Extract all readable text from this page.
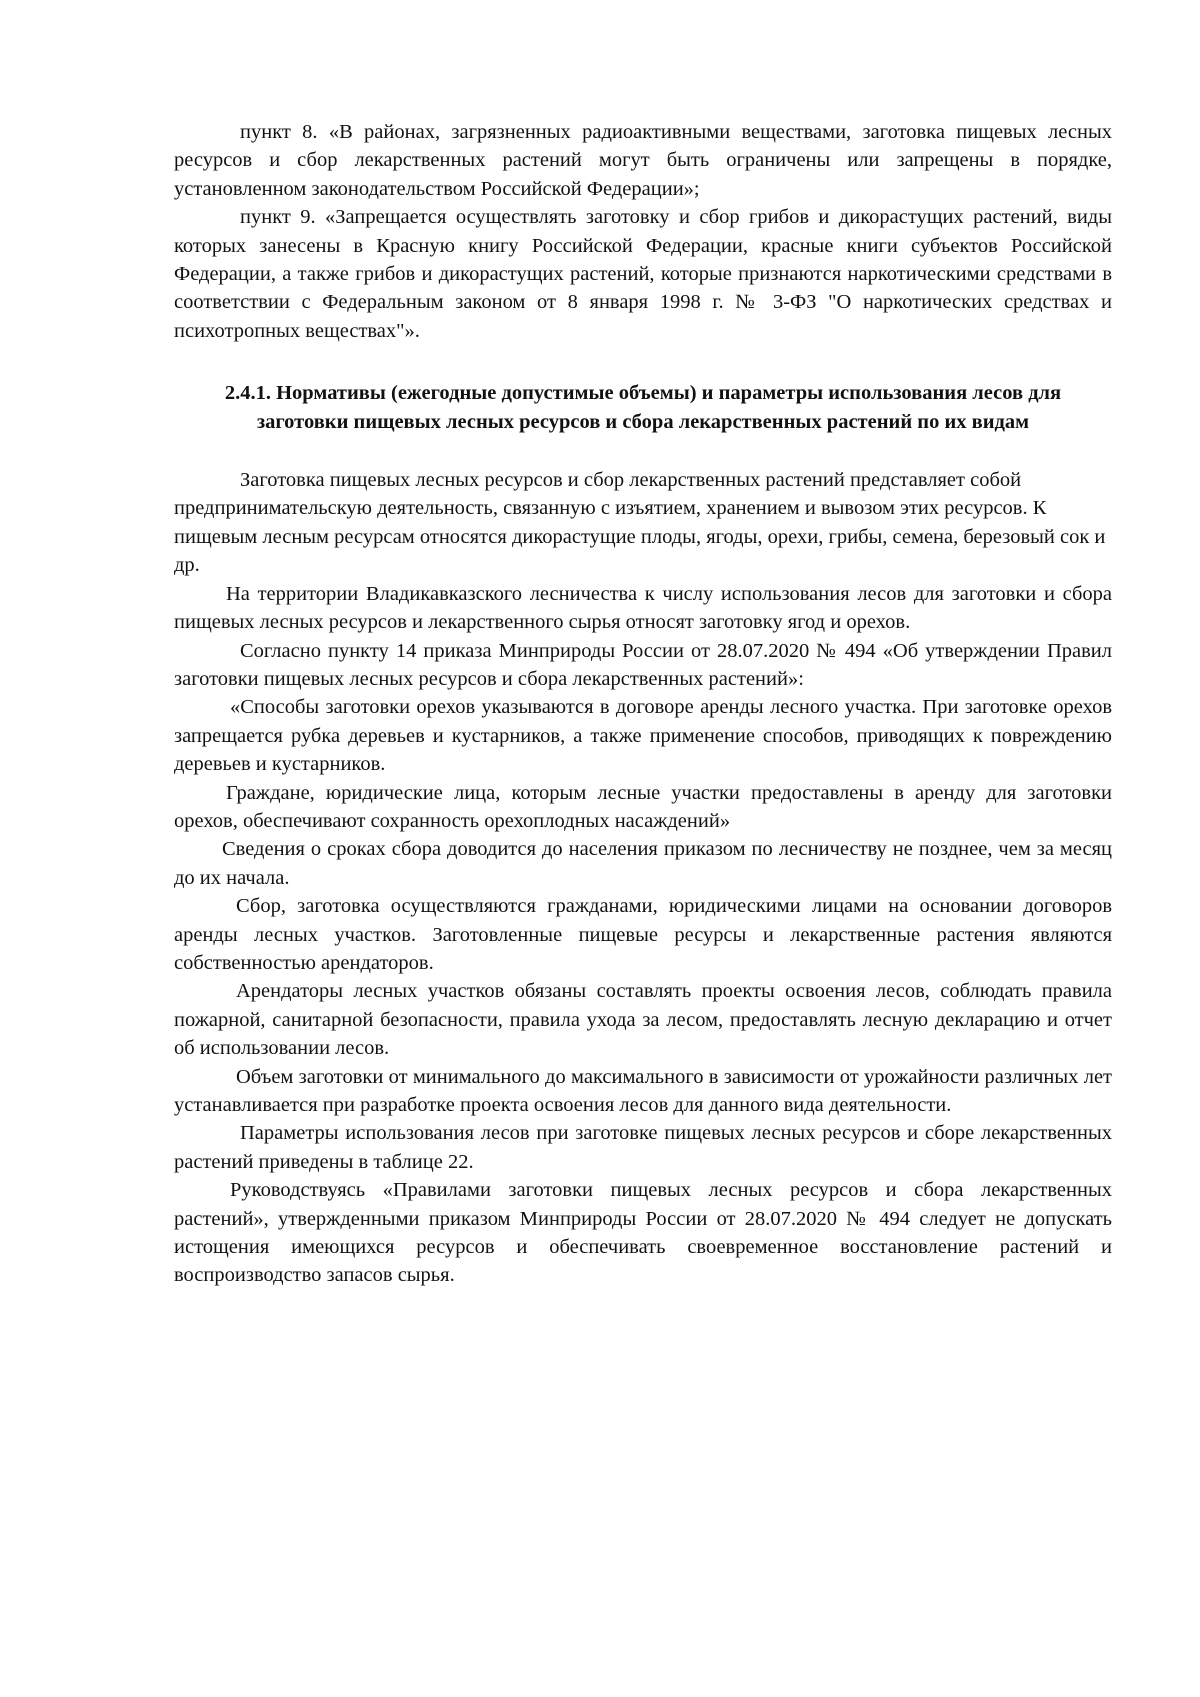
пункт 8. «В районах, загрязненных радиоактивными веществами, заготовка пищевых лесных ресурсов и сбор лекарственных растений могут быть ограничены или запрещены в порядке, установленном законодательством Российской Федерации»;

пункт 9. «Запрещается осуществлять заготовку и сбор грибов и дикорастущих растений, виды которых занесены в Красную книгу Российской Федерации, красные книги субъектов Российской Федерации, а также грибов и дикорастущих растений, которые признаются наркотическими средствами в соответствии с Федеральным законом от 8 января 1998 г. № 3-ФЗ "О наркотических средствах и психотропных веществах"».

2.4.1. Нормативы (ежегодные допустимые объемы) и параметры использования лесов для заготовки пищевых лесных ресурсов и сбора лекарственных растений по их видам

Заготовка пищевых лесных ресурсов и сбор лекарственных растений представляет собой предпринимательскую деятельность, связанную с изъятием, хранением и вывозом этих ресурсов. К пищевым лесным ресурсам относятся дикорастущие плоды, ягоды, орехи, грибы, семена, березовый сок и др.

На территории Владикавказского лесничества к числу использования лесов для заготовки и сбора пищевых лесных ресурсов и лекарственного сырья относят заготовку ягод и орехов.

Согласно пункту 14 приказа Минприроды России от 28.07.2020 № 494 «Об утверждении Правил заготовки пищевых лесных ресурсов и сбора лекарственных растений»:

«Способы заготовки орехов указываются в договоре аренды лесного участка. При заготовке орехов запрещается рубка деревьев и кустарников, а также применение способов, приводящих к повреждению деревьев и кустарников.

Граждане, юридические лица, которым лесные участки предоставлены в аренду для заготовки орехов, обеспечивают сохранность орехоплодных насаждений»

Сведения о сроках сбора доводится до населения приказом по лесничеству не позднее, чем за месяц до их начала.

Сбор, заготовка осуществляются гражданами, юридическими лицами на основании договоров аренды лесных участков. Заготовленные пищевые ресурсы и лекарственные растения являются собственностью арендаторов.

Арендаторы лесных участков обязаны составлять проекты освоения лесов, соблюдать правила пожарной, санитарной безопасности, правила ухода за лесом, предоставлять лесную декларацию и отчет об использовании лесов.

Объем заготовки от минимального до максимального в зависимости от урожайности различных лет устанавливается при разработке проекта освоения лесов для данного вида деятельности.

Параметры использования лесов при заготовке пищевых лесных ресурсов и сборе лекарственных растений приведены в таблице 22.

Руководствуясь «Правилами заготовки пищевых лесных ресурсов и сбора лекарственных растений», утвержденными приказом Минприроды России от 28.07.2020 № 494 следует не допускать истощения имеющихся ресурсов и обеспечивать своевременное восстановление растений и воспроизводство запасов сырья.
